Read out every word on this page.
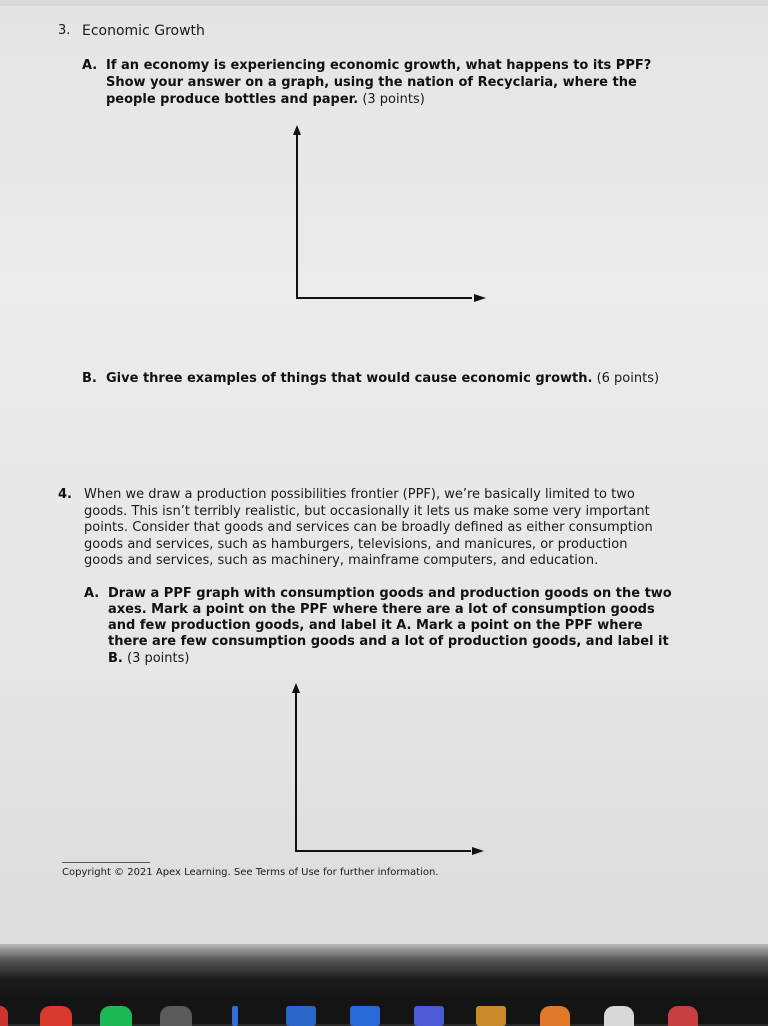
3. Economic Growth

A. If an economy is experiencing economic growth, what happens to its PPF?

Show your answer on a graph, using the nation of Recyclaria, where the

people produce bottles and paper. (3 points)

B. Give three examples of things that would cause economic growth. (6 points)

4. When we draw a production possibilities frontier (PPF), we’re basically limited to two

goods. This isn’t terribly realistic, but occasionally it lets us make some very important

points. Consider that goods and services can be broadly defined as either consumption

goods and services, such as hamburgers, televisions, and manicures, or production

goods and services, such as machinery, mainframe computers, and education.

A. Draw a PPF graph with consumption goods and production goods on the two

axes. Mark a point on the PPF where there are a lot of consumption goods

and few production goods, and label it A. Mark a point on the PPF where

there are few consumption goods and a lot of production goods, and label it

B. (3 points)

Copyright © 2021 Apex Learning. See Terms of Use for further information.
